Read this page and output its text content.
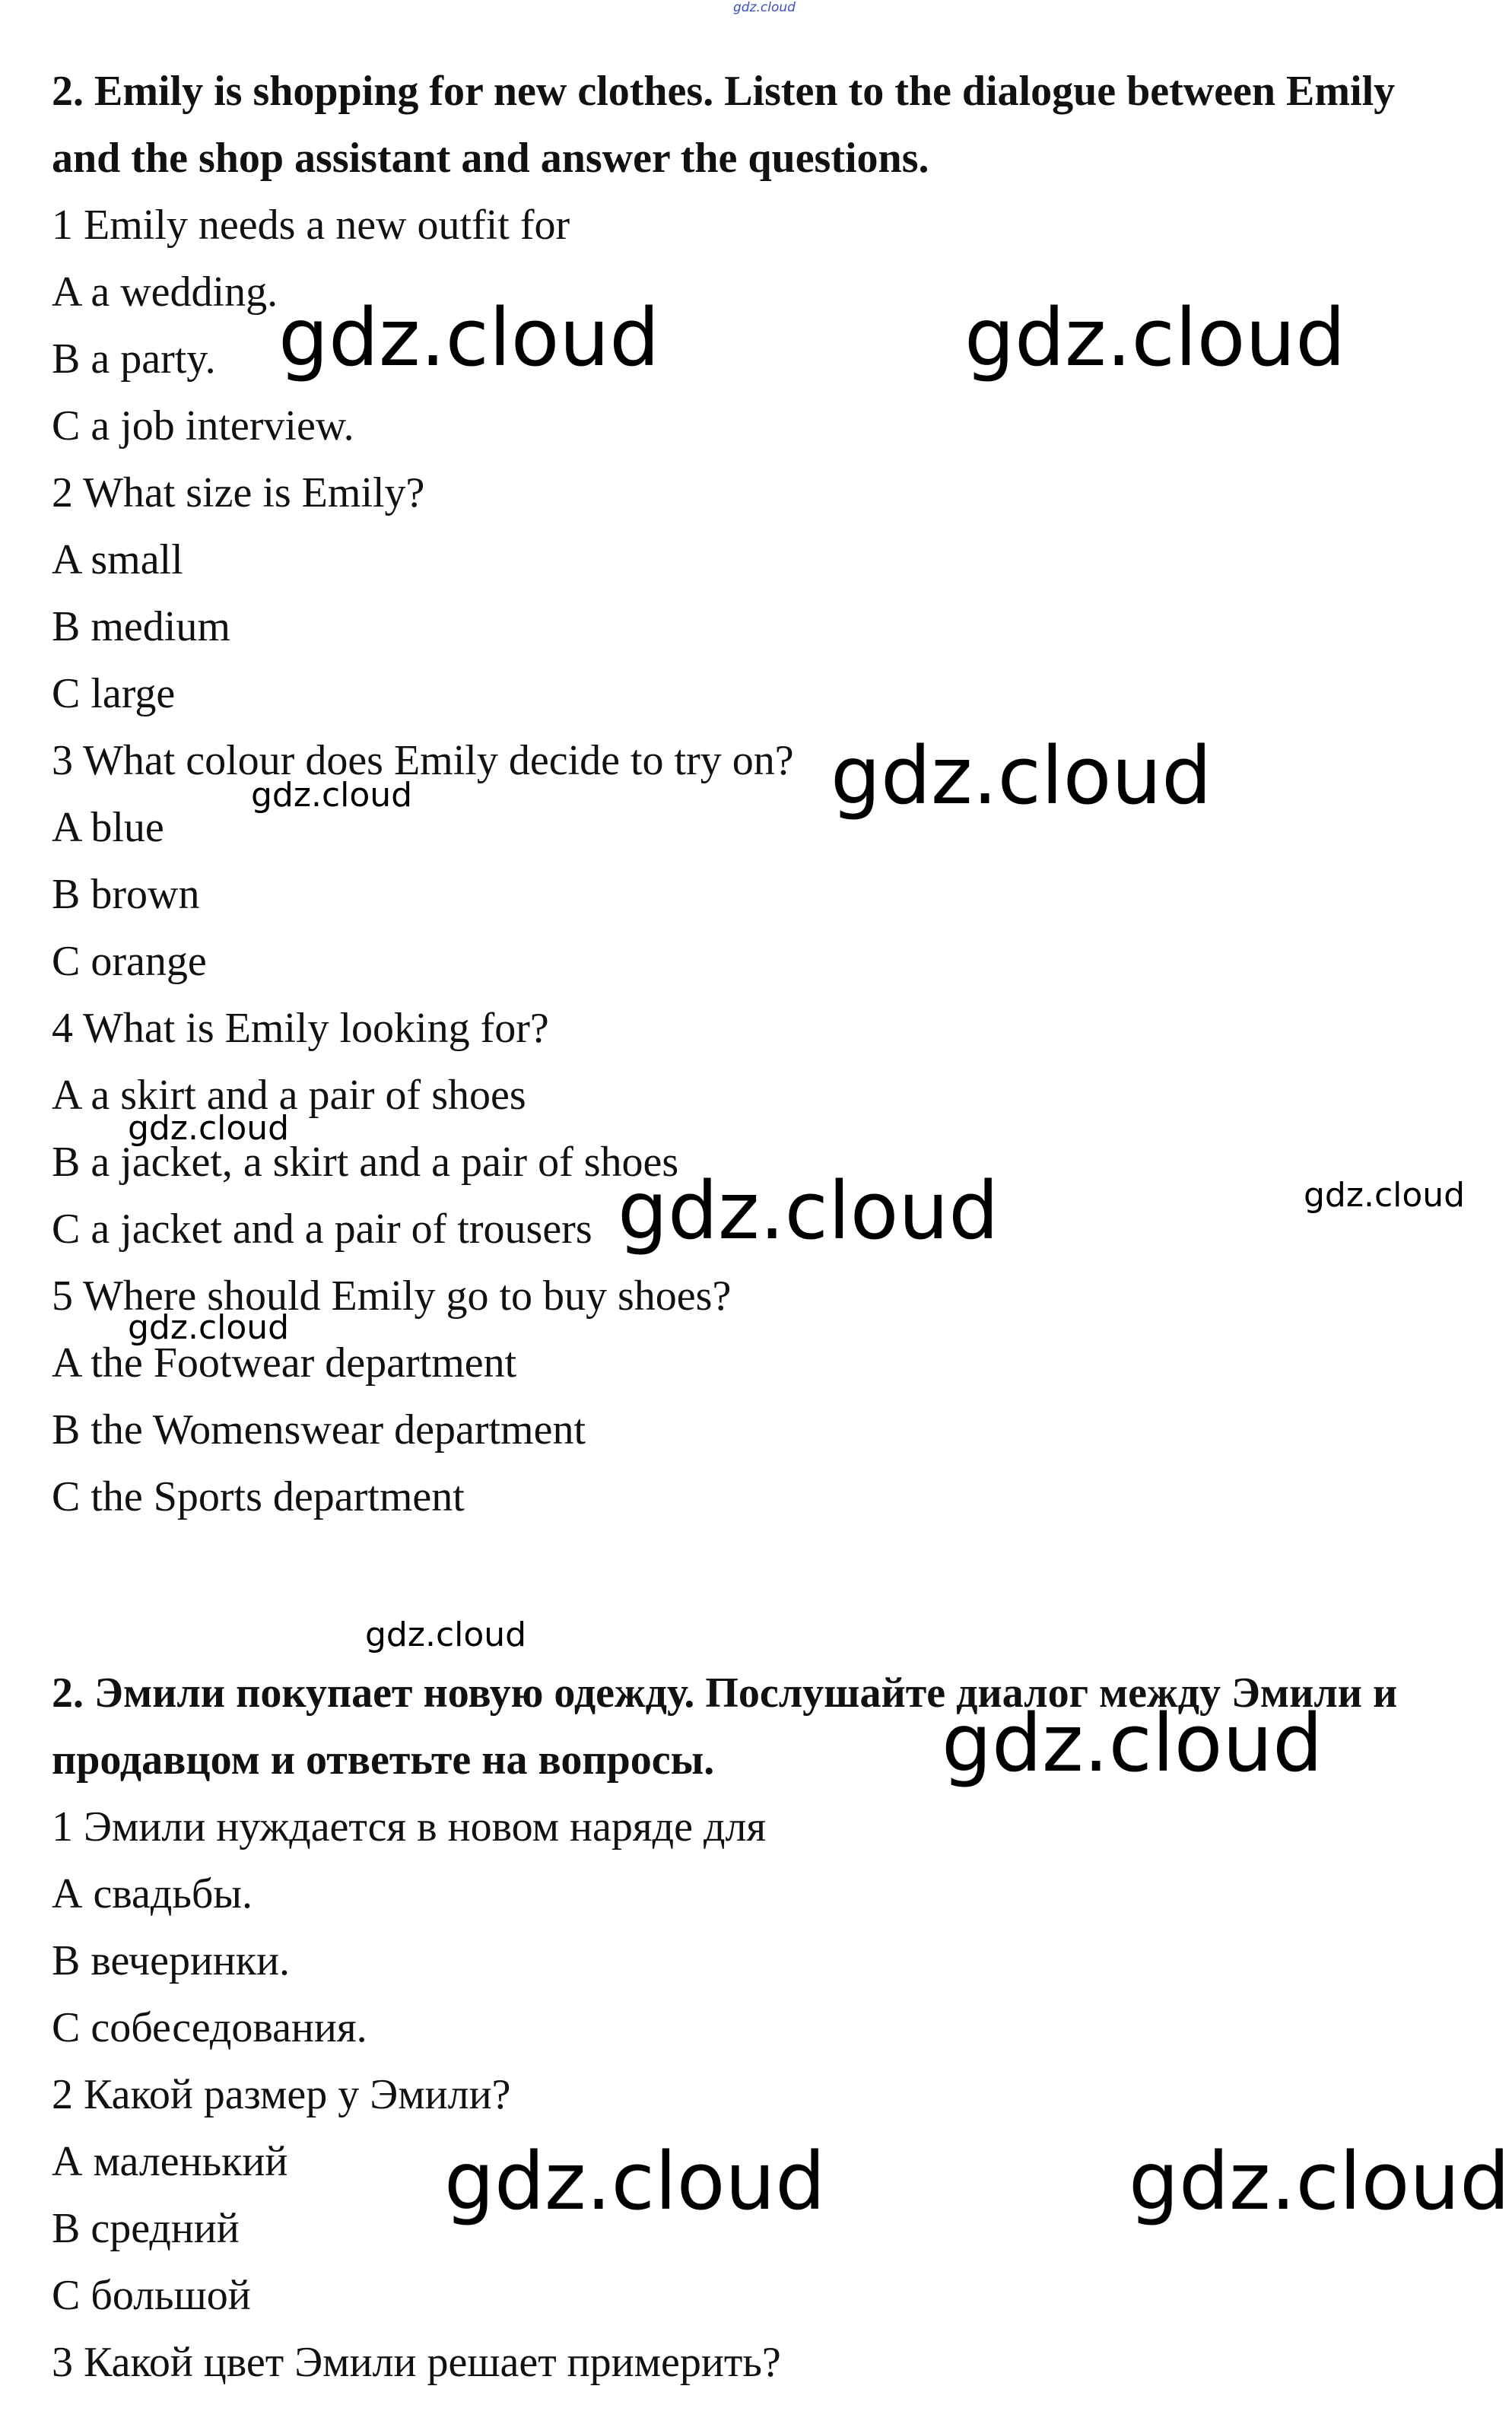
2. Emily is shopping for new clothes. Listen to the dialogue between Emily
and the shop assistant and answer the questions.
1 Emily needs a new outfit for
A a wedding.
B a party.
C a job interview.
2 What size is Emily?
A small
B medium
C large
3 What colour does Emily decide to try on?
A blue
B brown
C orange
4 What is Emily looking for?
A a skirt and a pair of shoes
B a jacket, a skirt and a pair of shoes
C a jacket and a pair of trousers
5 Where should Emily go to buy shoes?
A the Footwear department
B the Womenswear department
C the Sports department
2. Эмили покупает новую одежду. Послушайте диалог между Эмили и
продавцом и ответьте на вопросы.
1 Эмили нуждается в новом наряде для
А свадьбы.
В вечеринки.
С собеседования.
2 Какой размер у Эмили?
А маленький
В средний
С большой
3 Какой цвет Эмили решает примерить?
gdz.cloud
gdz.cloud	gdz.cloud
gdz.cloud
gdz.cloud
gdz.cloud
gdz.cloud	gdz.cloud
gdz.cloud
gdz.cloud
gdz.cloud
gdz.cloud	gdz.cloud
